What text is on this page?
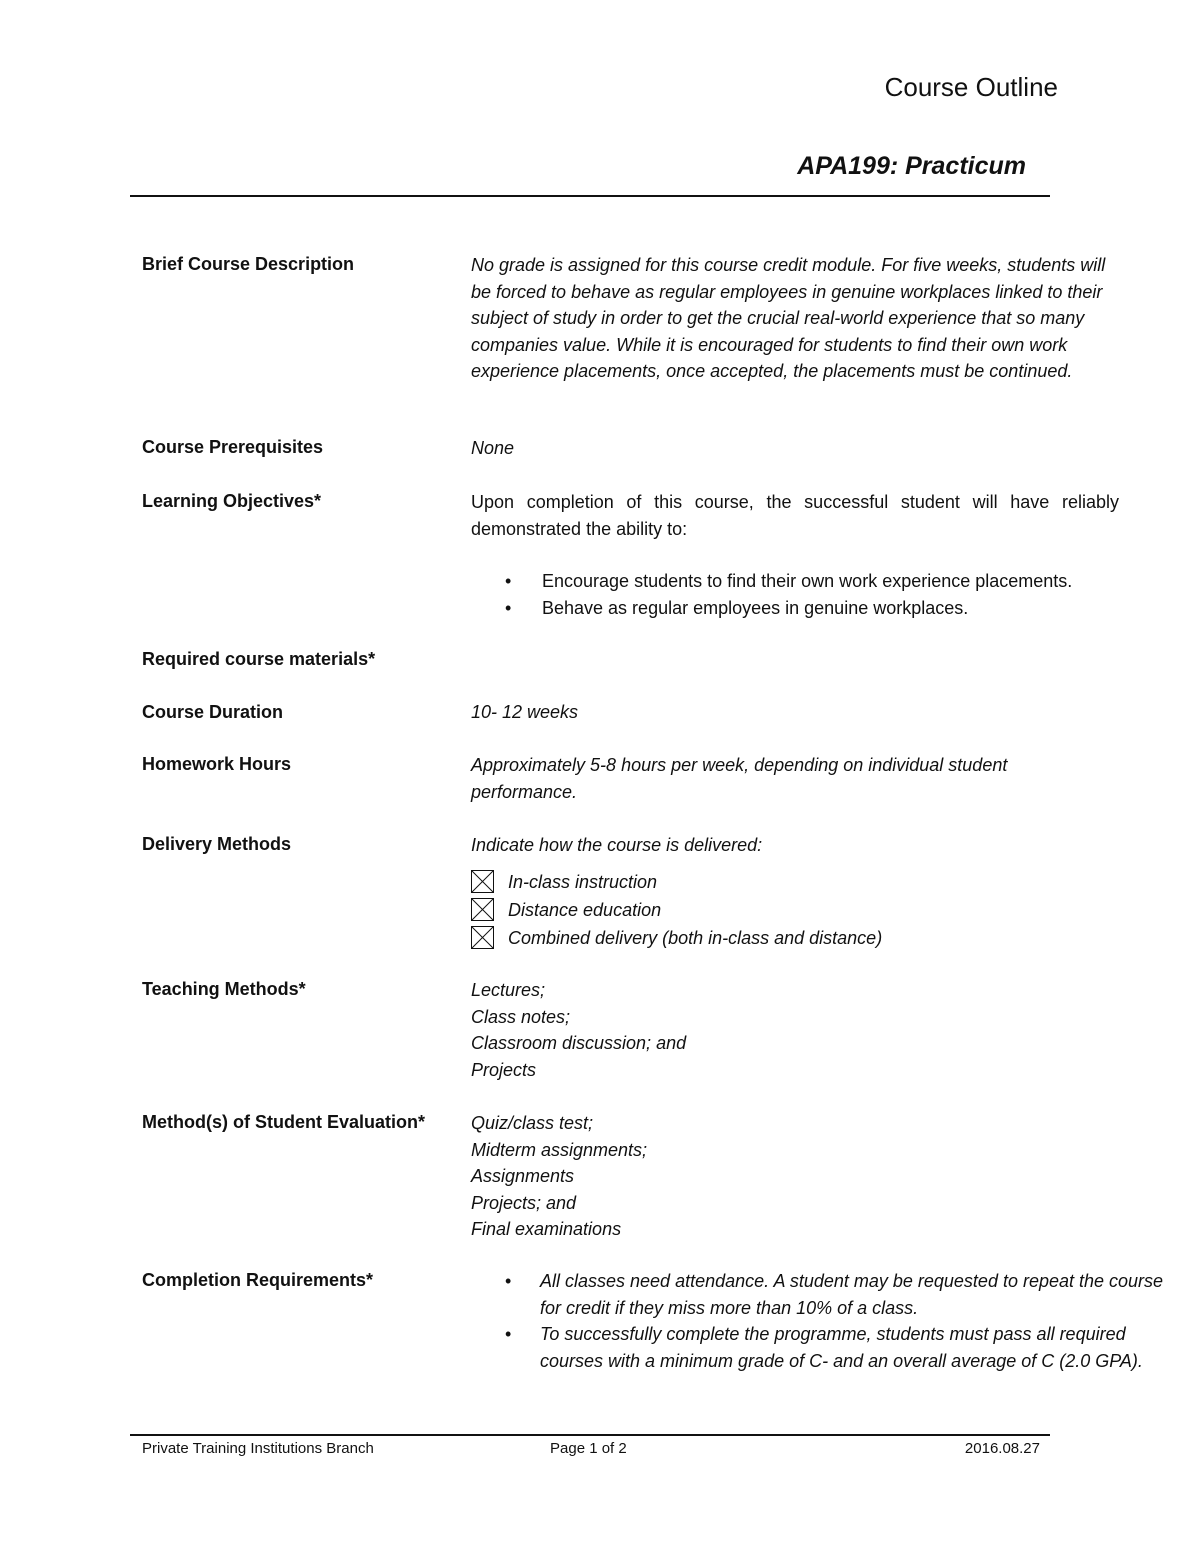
Course Outline
APA199: Practicum
Brief Course Description	No grade is assigned for this course credit module. For five weeks, students will be forced to behave as regular employees in genuine workplaces linked to their subject of study in order to get the crucial real-world experience that so many companies value. While it is encouraged for students to find their own work experience placements, once accepted, the placements must be continued.
Course Prerequisites	None
Learning Objectives*	Upon completion of this course, the successful student will have reliably demonstrated the ability to:
• Encourage students to find their own work experience placements.
• Behave as regular employees in genuine workplaces.
Required course materials*
Course Duration	10- 12 weeks
Homework Hours	Approximately 5-8 hours per week, depending on individual student performance.
Delivery Methods	Indicate how the course is delivered:
In-class instruction
Distance education
Combined delivery (both in-class and distance)
Teaching Methods*	Lectures;
Class notes;
Classroom discussion; and
Projects
Method(s) of Student Evaluation*	Quiz/class test;
Midterm assignments;
Assignments
Projects; and
Final examinations
Completion Requirements*	• All classes need attendance. A student may be requested to repeat the course for credit if they miss more than 10% of a class.
• To successfully complete the programme, students must pass all required courses with a minimum grade of C- and an overall average of C (2.0 GPA).
Private Training Institutions Branch	Page 1 of 2	2016.08.27
